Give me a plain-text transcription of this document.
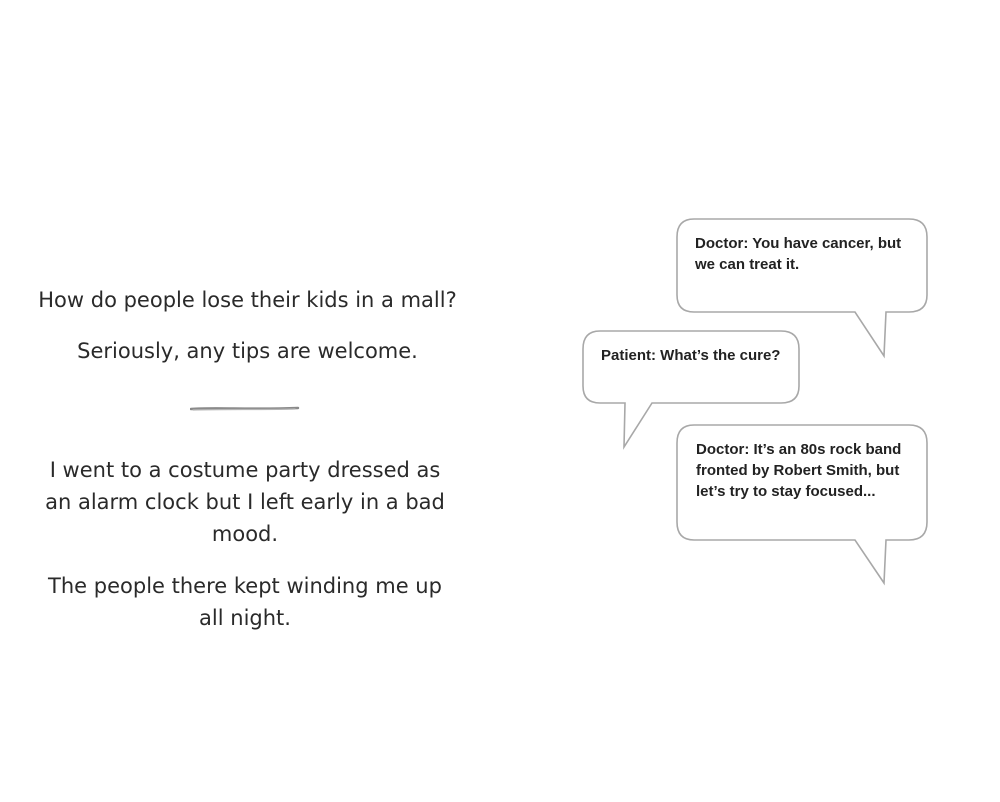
How do people lose their kids in a mall?

Seriously, any tips are welcome.

I went to a costume party dressed as an alarm clock but I left early in a bad mood.

The people there kept winding me up all night.

Doctor: You have cancer, but we can treat it.

Patient: What’s the cure?

Doctor: It’s an 80s rock band fronted by Robert Smith, but let’s try to stay focused...
